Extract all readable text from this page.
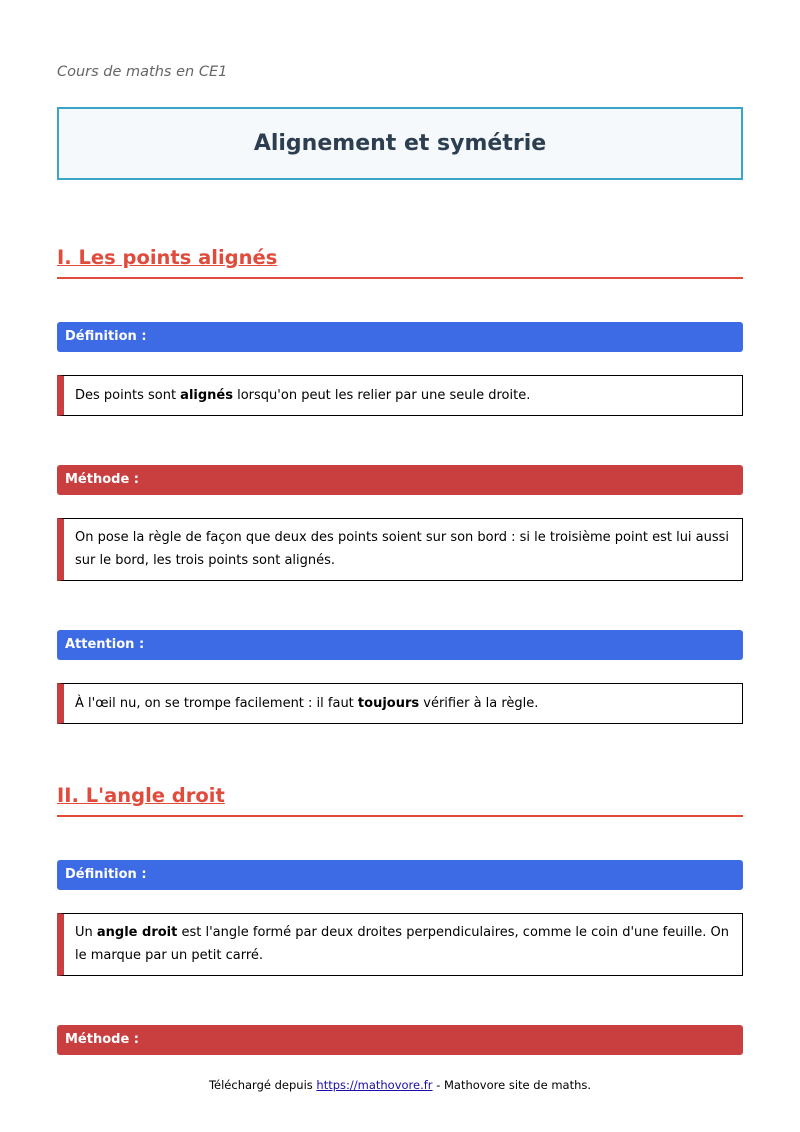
Cours de maths en CE1
Alignement et symétrie
I. Les points alignés
Définition :
Des points sont alignés lorsqu'on peut les relier par une seule droite.
Méthode :
On pose la règle de façon que deux des points soient sur son bord : si le troisième point est lui aussi sur le bord, les trois points sont alignés.
Attention :
À l'œil nu, on se trompe facilement : il faut toujours vérifier à la règle.
II. L'angle droit
Définition :
Un angle droit est l'angle formé par deux droites perpendiculaires, comme le coin d'une feuille. On le marque par un petit carré.
Méthode :
Téléchargé depuis https://mathovore.fr - Mathovore site de maths.
